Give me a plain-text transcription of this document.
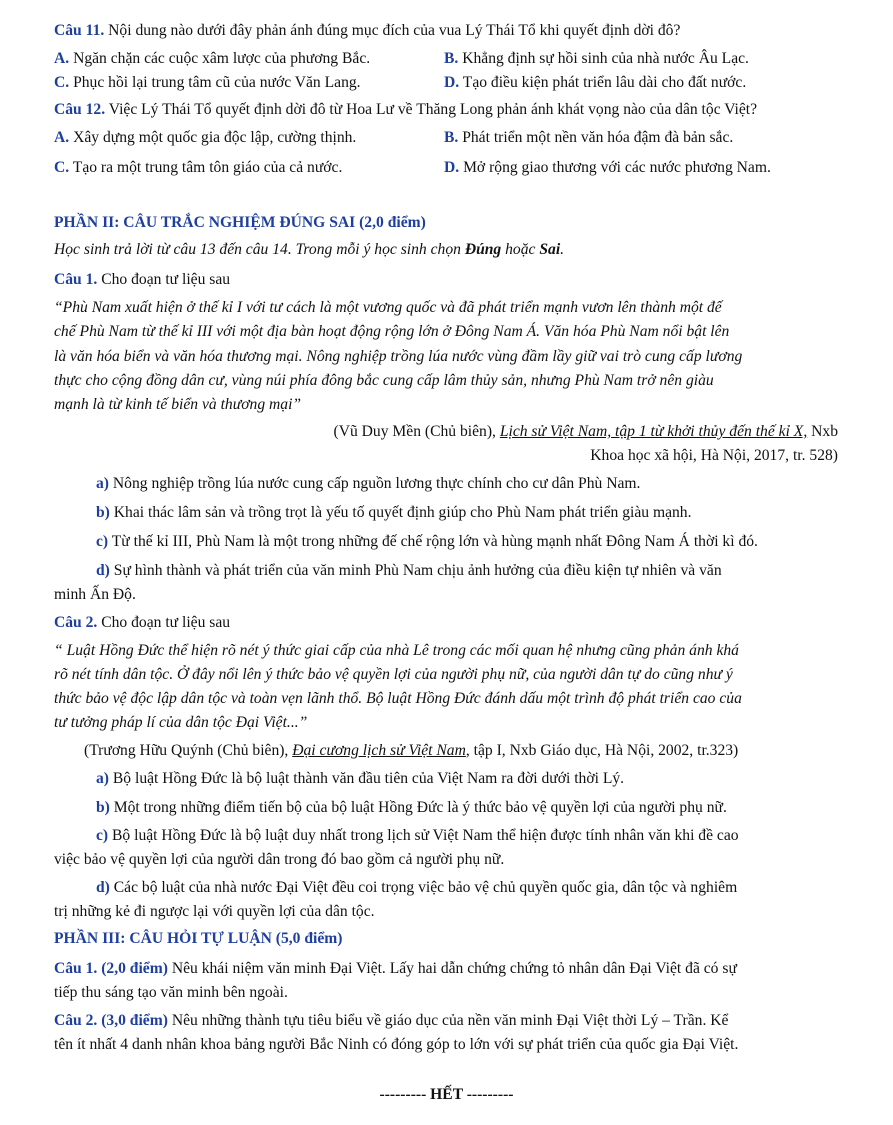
Câu 11. Nội dung nào dưới đây phản ánh đúng mục đích của vua Lý Thái Tổ khi quyết định dời đô?
A. Ngăn chặn các cuộc xâm lược của phương Bắc.	B. Khẳng định sự hồi sinh của nhà nước Âu Lạc.
C. Phục hồi lại trung tâm cũ của nước Văn Lang.	D. Tạo điều kiện phát triển lâu dài cho đất nước.
Câu 12. Việc Lý Thái Tổ quyết định dời đô từ Hoa Lư về Thăng Long phản ánh khát vọng nào của dân tộc Việt?
A. Xây dựng một quốc gia độc lập, cường thịnh.	B. Phát triển một nền văn hóa đậm đà bản sắc.
C. Tạo ra một trung tâm tôn giáo của cả nước.	D. Mở rộng giao thương với các nước phương Nam.
PHẦN II: CÂU TRẮC NGHIỆM ĐÚNG SAI (2,0 điểm)
Học sinh trả lời từ câu 13 đến câu 14. Trong mỗi ý học sinh chọn Đúng hoặc Sai.
Câu 1. Cho đoạn tư liệu sau
“Phù Nam xuất hiện ở thế kỉ I với tư cách là một vương quốc và đã phát triển mạnh vươn lên thành một đế
chế Phù Nam từ thế kỉ III với một địa bàn hoạt động rộng lớn ở Đông Nam Á. Văn hóa Phù Nam nổi bật lên
là văn hóa biển và văn hóa thương mại. Nông nghiệp trồng lúa nước vùng đầm lầy giữ vai trò cung cấp lương
thực cho cộng đồng dân cư, vùng núi phía đông bắc cung cấp lâm thủy sản, nhưng Phù Nam trở nên giàu
mạnh là từ kinh tế biển và thương mại”
(Vũ Duy Mền (Chủ biên), Lịch sử Việt Nam, tập 1 từ khởi thủy đến thế kỉ X, Nxb
Khoa học xã hội, Hà Nội, 2017, tr. 528)
a) Nông nghiệp trồng lúa nước cung cấp nguồn lương thực chính cho cư dân Phù Nam.
b) Khai thác lâm sản và trồng trọt là yếu tố quyết định giúp cho Phù Nam phát triển giàu mạnh.
c) Từ thế kỉ III, Phù Nam là một trong những đế chế rộng lớn và hùng mạnh nhất Đông Nam Á thời kì đó.
d) Sự hình thành và phát triển của văn minh Phù Nam chịu ảnh hưởng của điều kiện tự nhiên và văn
minh Ấn Độ.
Câu 2. Cho đoạn tư liệu sau
“ Luật Hồng Đức thể hiện rõ nét ý thức giai cấp của nhà Lê trong các mối quan hệ nhưng cũng phản ánh khá
rõ nét tính dân tộc. Ở đây nổi lên ý thức bảo vệ quyền lợi của người phụ nữ, của người dân tự do cũng như ý
thức bảo vệ độc lập dân tộc và toàn vẹn lãnh thổ. Bộ luật Hồng Đức đánh dấu một trình độ phát triển cao của
tư tưởng pháp lí của dân tộc Đại Việt...”
(Trương Hữu Quýnh (Chủ biên), Đại cương lịch sử Việt Nam, tập I, Nxb Giáo dục, Hà Nội, 2002, tr.323)
a) Bộ luật Hồng Đức là bộ luật thành văn đầu tiên của Việt Nam ra đời dưới thời Lý.
b) Một trong những điểm tiến bộ của bộ luật Hồng Đức là ý thức bảo vệ quyền lợi của người phụ nữ.
c) Bộ luật Hồng Đức là bộ luật duy nhất trong lịch sử Việt Nam thể hiện được tính nhân văn khi đề cao
việc bảo vệ quyền lợi của người dân trong đó bao gồm cả người phụ nữ.
d) Các bộ luật của nhà nước Đại Việt đều coi trọng việc bảo vệ chủ quyền quốc gia, dân tộc và nghiêm
trị những kẻ đi ngược lại với quyền lợi của dân tộc.
PHẦN III: CÂU HỎI TỰ LUẬN (5,0 điểm)
Câu 1. (2,0 điểm) Nêu khái niệm văn minh Đại Việt. Lấy hai dẫn chứng chứng tỏ nhân dân Đại Việt đã có sự
tiếp thu sáng tạo văn minh bên ngoài.
Câu 2. (3,0 điểm) Nêu những thành tựu tiêu biểu về giáo dục của nền văn minh Đại Việt thời Lý – Trần. Kể
tên ít nhất 4 danh nhân khoa bảng người Bắc Ninh có đóng góp to lớn với sự phát triển của quốc gia Đại Việt.
--------- HẾT ---------
